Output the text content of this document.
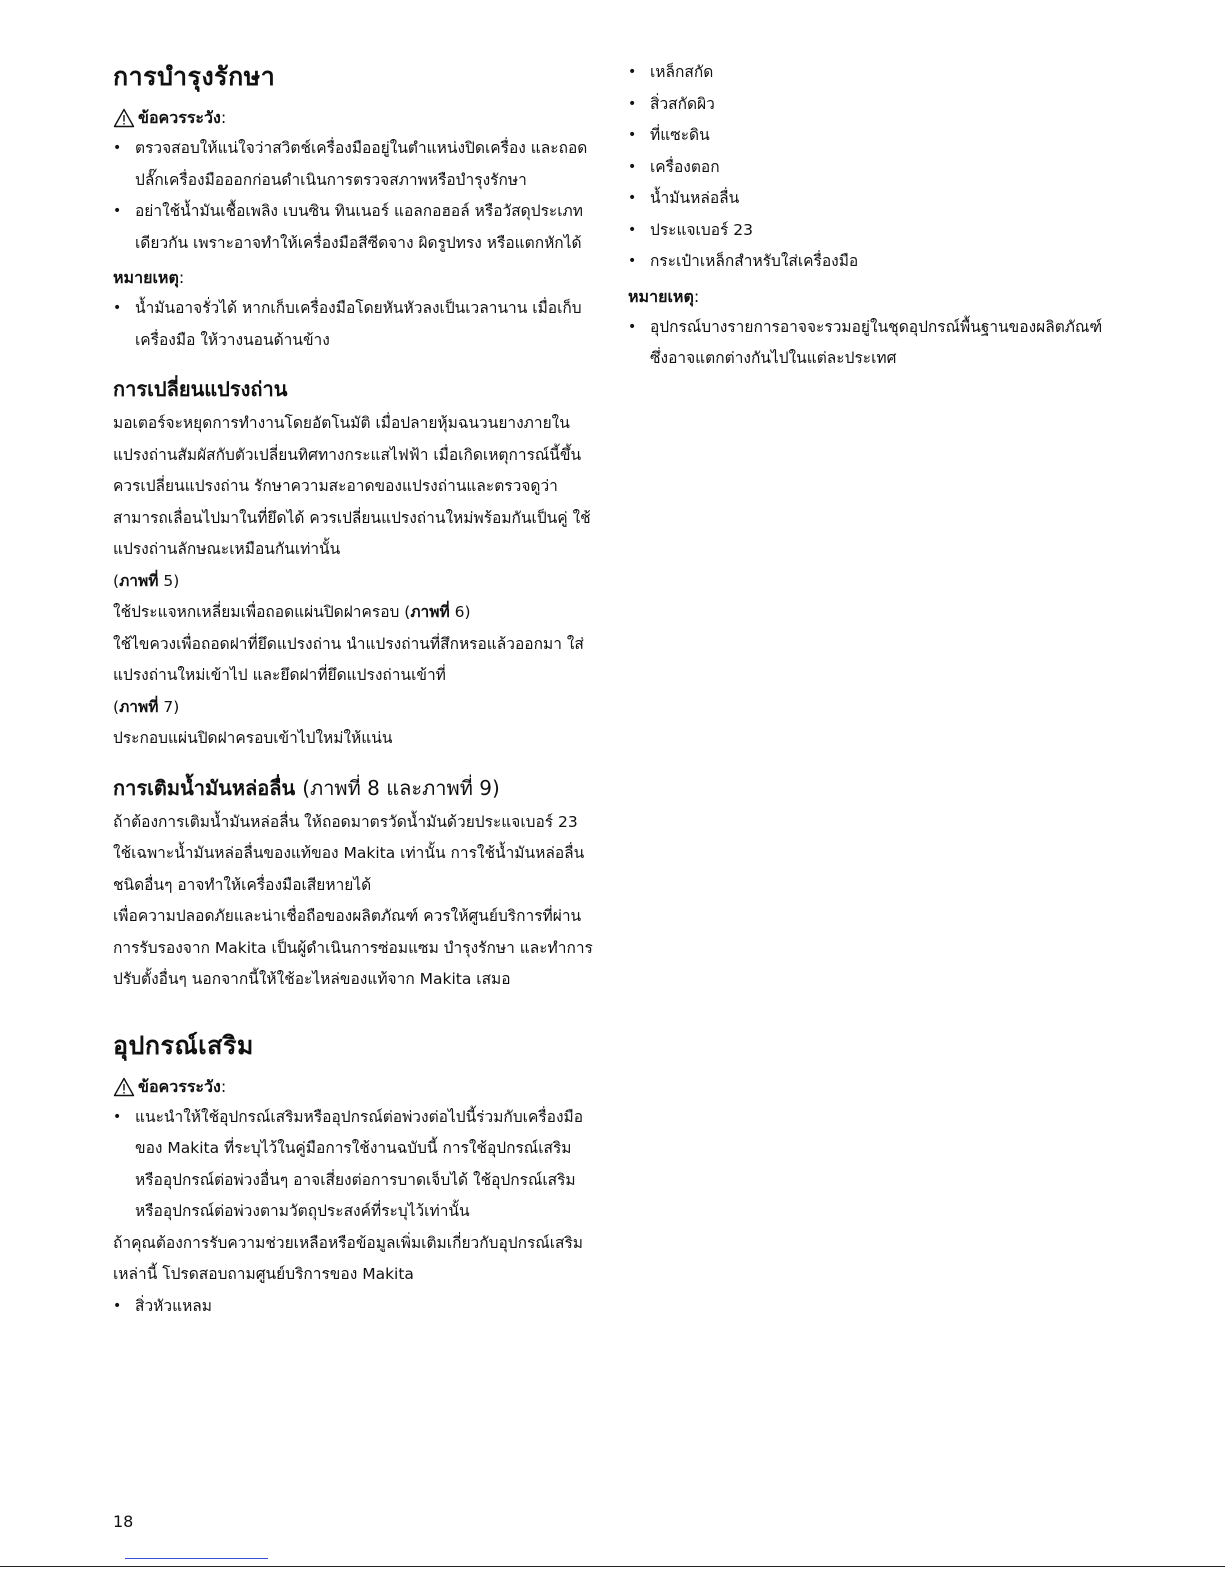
การบำรุงรักษา
ข้อควรระวัง :
• ตรวจสอบให้แน่ใจว่าสวิตช์เครื่องมืออยู่ในตำแหน่งปิดเครื่อง และถอดปลั๊กเครื่องมือออกก่อนดำเนินการตรวจสภาพหรือบำรุงรักษา
• อย่าใช้น้ำมันเชื้อเพลิง เบนซิน ทินเนอร์ แอลกอฮอล์ หรือวัสดุประเภทเดียวกัน เพราะอาจทำให้เครื่องมือสีซีดจาง ผิดรูปทรง หรือแตกหักได้
หมายเหตุ:
• น้ำมันอาจรั่วได้ หากเก็บเครื่องมือโดยหันหัวลงเป็นเวลานาน เมื่อเก็บเครื่องมือ ให้วางนอนด้านข้าง
การเปลี่ยนแปรงถ่าน

มอเตอร์จะหยุดการทำงานโดยอัตโนมัติ เมื่อปลายหุ้มฉนวนยางภายในแปรงถ่านสัมผัสกับตัวเปลี่ยนทิศทางกระแสไฟฟ้า เมื่อเกิดเหตุการณ์นี้ขึ้น ควรเปลี่ยนแปรงถ่าน รักษาความสะอาดของแปรงถ่านและตรวจดูว่าสามารถเลื่อนไปมาในที่ยึดได้ ควรเปลี่ยนแปรงถ่านใหม่พร้อมกันเป็นคู่ ใช้แปรงถ่านลักษณะเหมือนกันเท่านั้น

(ภาพที่ 5)

ใช้ประแจหกเหลี่ยมเพื่อถอดแผ่นปิดฝาครอบ (ภาพที่ 6)

ใช้ไขควงเพื่อถอดฝาที่ยึดแปรงถ่าน นำแปรงถ่านที่สึกหรอแล้วออกมา ใส่แปรงถ่านใหม่เข้าไป และยึดฝาที่ยึดแปรงถ่านเข้าที่

(ภาพที่ 7)

ประกอบแผ่นปิดฝาครอบเข้าไปใหม่ให้แน่น

การเติมน้ำมันหล่อลื่น (ภาพที่ 8 และภาพที่ 9)

ถ้าต้องการเติมน้ำมันหล่อลื่น ให้ถอดมาตรวัดน้ำมันด้วยประแจเบอร์ 23 ใช้เฉพาะน้ำมันหล่อลื่นของแท้ของ Makita เท่านั้น การใช้น้ำมันหล่อลื่นชนิดอื่นๆ อาจทำให้เครื่องมือเสียหายได้

เพื่อความปลอดภัยและน่าเชื่อถือของผลิตภัณฑ์ ควรให้ศูนย์บริการที่ผ่านการรับรองจาก Makita เป็นผู้ดำเนินการซ่อมแซม บำรุงรักษา และทำการปรับตั้งอื่นๆ นอกจากนี้ให้ใช้อะไหล่ของแท้จาก Makita เสมอ

อุปกรณ์เสริม
ข้อควรระวัง :
• แนะนำให้ใช้อุปกรณ์เสริมหรืออุปกรณ์ต่อพ่วงต่อไปนี้ร่วมกับเครื่องมือของ Makita ที่ระบุไว้ในคู่มือการใช้งานฉบับนี้ การใช้อุปกรณ์เสริมหรืออุปกรณ์ต่อพ่วงอื่นๆ อาจเสี่ยงต่อการบาดเจ็บได้ ใช้อุปกรณ์เสริมหรืออุปกรณ์ต่อพ่วงตามวัตถุประสงค์ที่ระบุไว้เท่านั้น

ถ้าคุณต้องการรับความช่วยเหลือหรือข้อมูลเพิ่มเติมเกี่ยวกับอุปกรณ์เสริมเหล่านี้ โปรดสอบถามศูนย์บริการของ Makita

• สิ่วหัวแหลม
• เหล็กสกัด
• สิ่วสกัดผิว
• ที่แซะดิน
• เครื่องตอก
• น้ำมันหล่อลื่น
• ประแจเบอร์ 23
• กระเป๋าเหล็กสำหรับใส่เครื่องมือ
หมายเหตุ:
• อุปกรณ์บางรายการอาจจะรวมอยู่ในชุดอุปกรณ์พื้นฐานของผลิตภัณฑ์ ซึ่งอาจแตกต่างกันไปในแต่ละประเทศ
18
